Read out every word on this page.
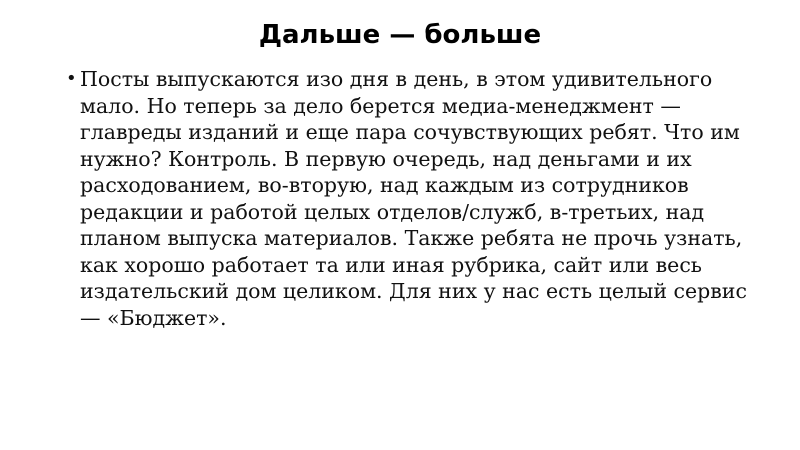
Дальше — больше
• Посты выпускаются изо дня в день, в этом удивительного мало. Но теперь за дело берется медиа-менеджмент — главреды изданий и еще пара сочувствующих ребят. Что им нужно? Контроль. В первую очередь, над деньгами и их расходованием, во-вторую, над каждым из сотрудников редакции и работой целых отделов/служб, в-третьих, над планом выпуска материалов. Также ребята не прочь узнать, как хорошо работает та или иная рубрика, сайт или весь издательский дом целиком. Для них у нас есть целый сервис — «Бюджет».
